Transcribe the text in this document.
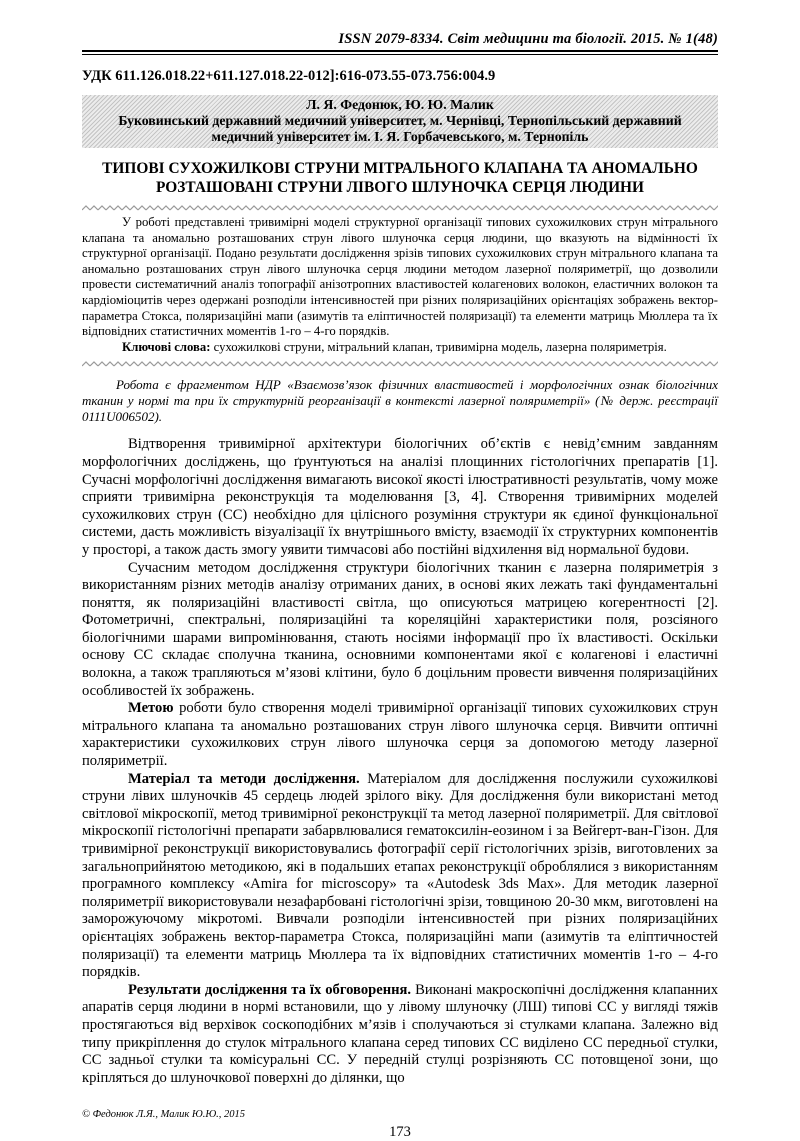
ISSN 2079-8334. Світ медицини та біології. 2015. № 1(48)
УДК 611.126.018.22+611.127.018.22-012]:616-073.55-073.756:004.9
Л. Я. Федонюк, Ю. Ю. Малик
Буковинський державний медичний університет, м. Чернівці, Тернопільський державний медичний університет ім. І. Я. Горбачевського, м. Тернопіль
ТИПОВІ СУХОЖИЛКОВІ СТРУНИ МІТРАЛЬНОГО КЛАПАНА ТА АНОМАЛЬНО РОЗТАШОВАНІ СТРУНИ ЛІВОГО ШЛУНОЧКА СЕРЦЯ ЛЮДИНИ

У роботі представлені тривимірні моделі структурної організації типових сухожилкових струн мітрального клапана та аномально розташованих струн лівого шлуночка серця людини, що вказують на відмінності їх структурної організації. Подано результати дослідження зрізів типових сухожилкових струн мітрального клапана та аномально розташованих струн лівого шлуночка серця людини методом лазерної поляриметрії, що дозволили провести систематичний аналіз топографії анізотропних властивостей колагенових волокон, еластичних волокон та кардіоміоцитів через одержані розподіли інтенсивностей при різних поляризаційних орієнтаціях зображень вектор-параметра Стокса, поляризаційні мапи (азимутів та еліптичностей поляризації) та елементи матриць Мюллера та їх відповідних статистичних моментів 1-го – 4-го порядків.

Ключові слова: сухожилкові струни, мітральний клапан, тривимірна модель, лазерна поляриметрія.

Робота є фрагментом НДР «Взаємозв’язок фізичних властивостей і морфологічних ознак біологічних тканин у нормі та при їх структурній реорганізації в контексті лазерної поляриметрії» (№ держ. реєстрації 0111U006502).

Відтворення тривимірної архітектури біологічних об’єктів є невід’ємним завданням морфологічних досліджень, що ґрунтуються на аналізі площинних гістологічних препаратів [1]. Сучасні морфологічні дослідження вимагають високої якості ілюстративності результатів, чому може сприяти тривимірна реконструкція та моделювання [3, 4]. Створення тривимірних моделей сухожилкових струн (СС) необхідно для цілісного розуміння структури як єдиної функціональної системи, дасть можливість візуалізації їх внутрішнього вмісту, взаємодії їх структурних компонентів у просторі, а також дасть змогу уявити тимчасові або постійні відхилення від нормальної будови.

Сучасним методом дослідження структури біологічних тканин є лазерна поляриметрія з використанням різних методів аналізу отриманих даних, в основі яких лежать такі фундаментальні поняття, як поляризаційні властивості світла, що описуються матрицею когерентності [2]. Фотометричні, спектральні, поляризаційні та кореляційні характеристики поля, розсіяного біологічними шарами випромінювання, стають носіями інформації про їх властивості. Оскільки основу СС складає сполучна тканина, основними компонентами якої є колагенові і еластичні волокна, а також трапляються м’язові клітини, було б доцільним провести вивчення поляризаційних особливостей їх зображень.

Метою роботи було створення моделі тривимірної організації типових сухожилкових струн мітрального клапана та аномально розташованих струн лівого шлуночка серця. Вивчити оптичні характеристики сухожилкових струн лівого шлуночка серця за допомогою методу лазерної поляриметрії.

Матеріал та методи дослідження. Матеріалом для дослідження послужили сухожилкові струни лівих шлуночків 45 сердець людей зрілого віку. Для дослідження були використані метод світлової мікроскопії, метод тривимірної реконструкції та метод лазерної поляриметрії. Для світлової мікроскопії гістологічні препарати забарвлювалися гематоксилін-еозином і за Вейгерт-ван-Гізон. Для тривимірної реконструкції використовувались фотографії серії гістологічних зрізів, виготовлених за загальноприйнятою методикою, які в подальших етапах реконструкції оброблялися з використанням програмного комплексу «Amira for microscopy» та «Autodesk 3ds Max». Для методик лазерної поляриметрії використовували незафарбовані гістологічні зрізи, товщиною 20-30 мкм, виготовлені на заморожуючому мікротомі. Вивчали розподіли інтенсивностей при різних поляризаційних орієнтаціях зображень вектор-параметра Стокса, поляризаційні мапи (азимутів та еліптичностей поляризації) та елементи матриць Мюллера та їх відповідних статистичних моментів 1-го – 4-го порядків.

Результати дослідження та їх обговорення. Виконані макроскопічні дослідження клапанних апаратів серця людини в нормі встановили, що у лівому шлуночку (ЛШ) типові СС у вигляді тяжів простягаються від верхівок соскоподібних м’язів і сполучаються зі стулками клапана. Залежно від типу прикріплення до стулок мітрального клапана серед типових СС виділено СС передньої стулки, СС задньої стулки та комісуральні СС. У передній стулці розрізняють СС потовщеної зони, що кріпляться до шлуночкової поверхні до ділянки, що

© Федонюк Л.Я., Малик Ю.Ю., 2015
173
